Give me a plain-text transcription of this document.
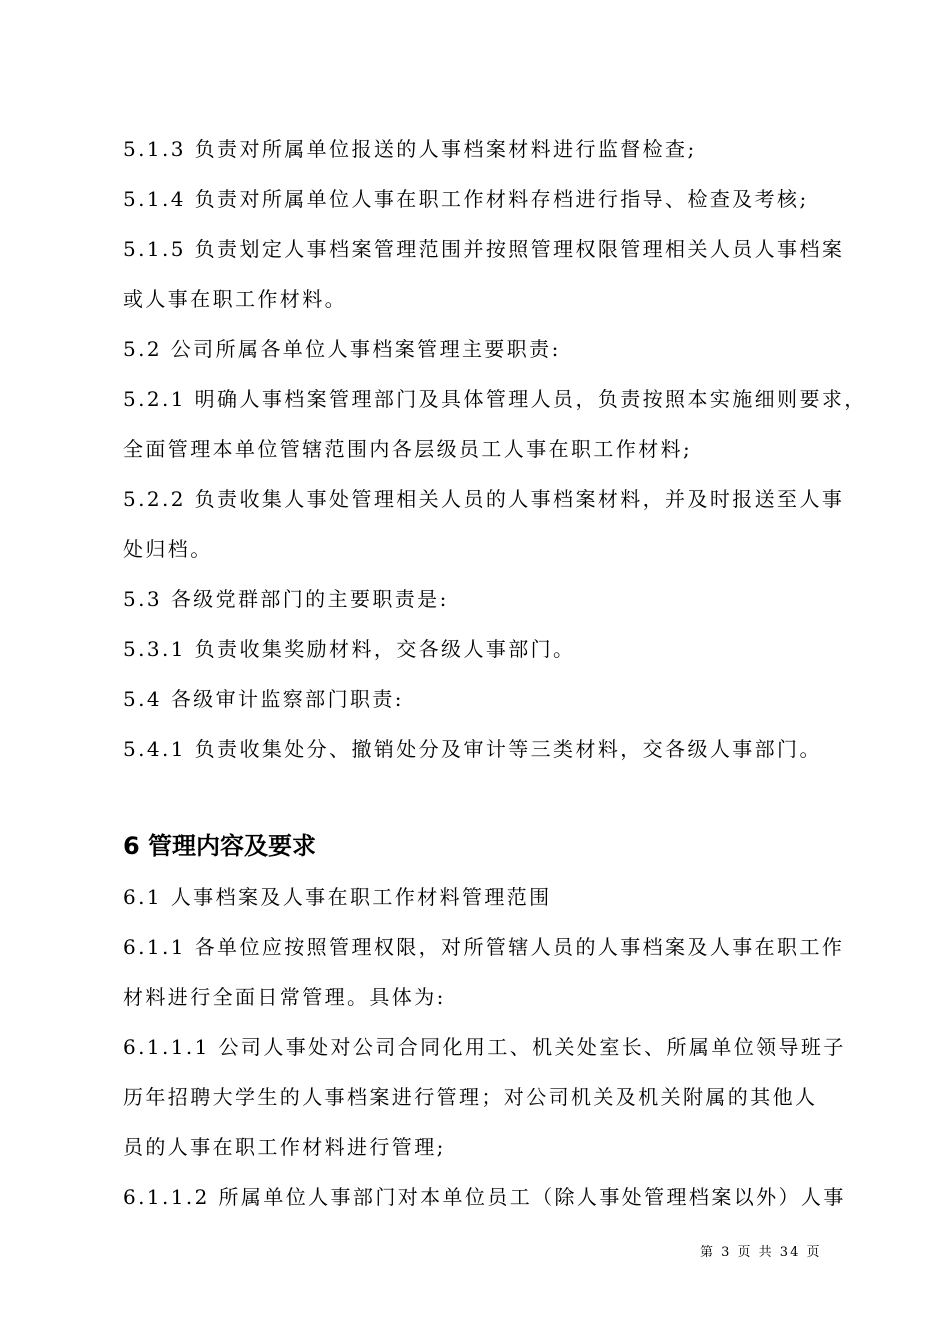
5.1.3 负责对所属单位报送的人事档案材料进行监督检查;
5.1.4 负责对所属单位人事在职工作材料存档进行指导、检查及考核;
5.1.5 负责划定人事档案管理范围并按照管理权限管理相关人员人事档案
或人事在职工作材料。
5.2 公司所属各单位人事档案管理主要职责:
5.2.1 明确人事档案管理部门及具体管理人员，负责按照本实施细则要求，
全面管理本单位管辖范围内各层级员工人事在职工作材料;
5.2.2 负责收集人事处管理相关人员的人事档案材料，并及时报送至人事
处归档。
5.3 各级党群部门的主要职责是:
5.3.1 负责收集奖励材料，交各级人事部门。
5.4 各级审计监察部门职责:
5.4.1 负责收集处分、撤销处分及审计等三类材料，交各级人事部门。
6 管理内容及要求
6.1 人事档案及人事在职工作材料管理范围
6.1.1 各单位应按照管理权限，对所管辖人员的人事档案及人事在职工作
材料进行全面日常管理。具体为:
6.1.1.1 公司人事处对公司合同化用工、机关处室长、所属单位领导班子
历年招聘大学生的人事档案进行管理；对公司机关及机关附属的其他人
员的人事在职工作材料进行管理;
6.1.1.2 所属单位人事部门对本单位员工（除人事处管理档案以外）人事
第 3 页 共 34 页
